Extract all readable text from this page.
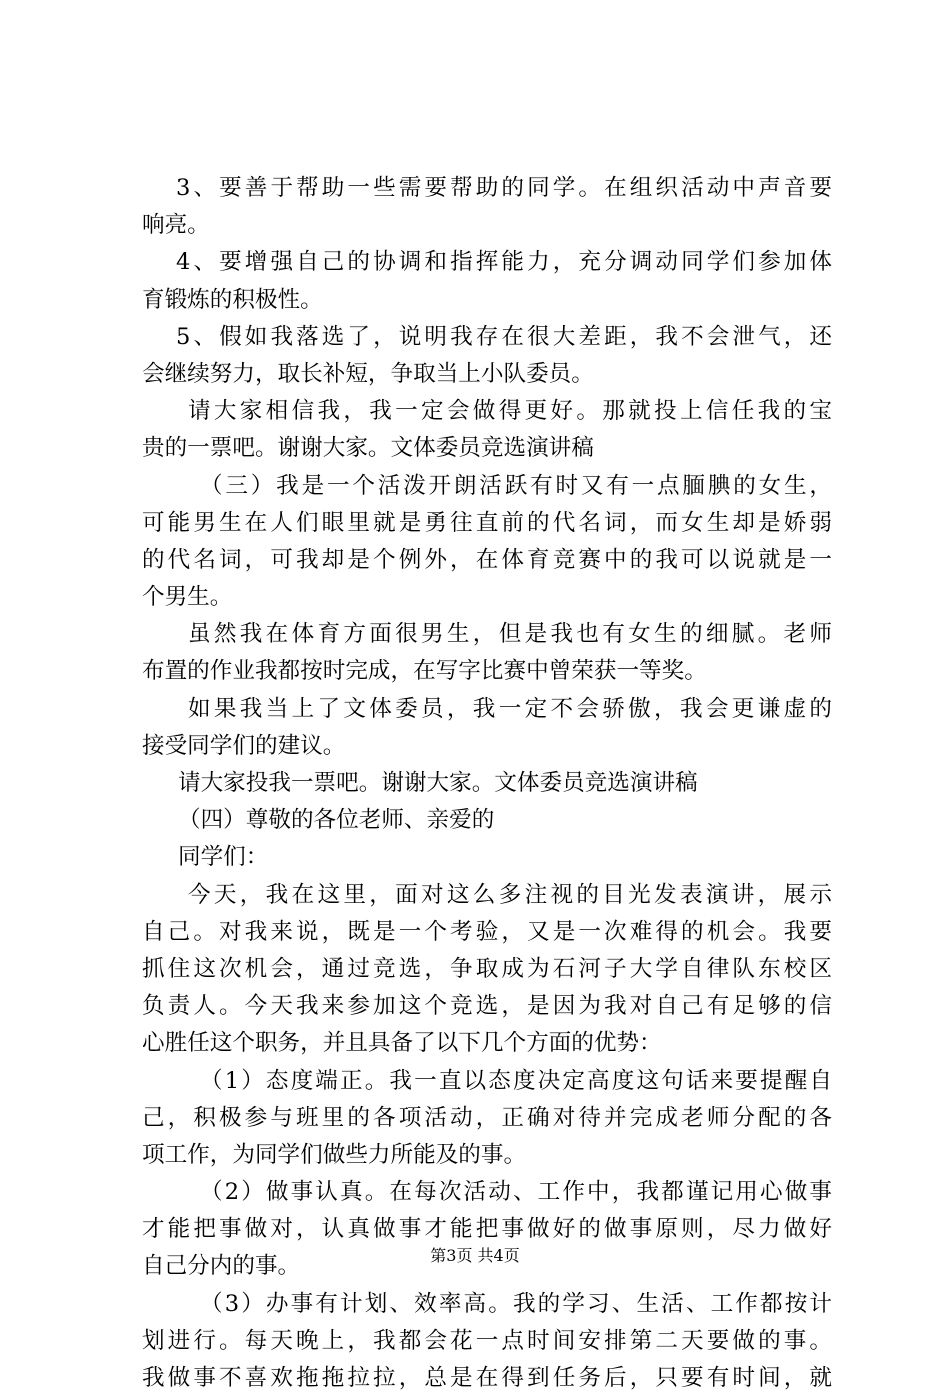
3、要善于帮助一些需要帮助的同学。在组织活动中声音要
响亮。
4、要增强自己的协调和指挥能力，充分调动同学们参加体
育锻炼的积极性。
5、假如我落选了，说明我存在很大差距，我不会泄气，还
会继续努力，取长补短，争取当上小队委员。
请大家相信我，我一定会做得更好。那就投上信任我的宝
贵的一票吧。谢谢大家。文体委员竞选演讲稿
（三）我是一个活泼开朗活跃有时又有一点腼腆的女生，
可能男生在人们眼里就是勇往直前的代名词，而女生却是娇弱
的代名词，可我却是个例外，在体育竞赛中的我可以说就是一
个男生。
虽然我在体育方面很男生，但是我也有女生的细腻。老师
布置的作业我都按时完成，在写字比赛中曾荣获一等奖。
如果我当上了文体委员，我一定不会骄傲，我会更谦虚的
接受同学们的建议。
请大家投我一票吧。谢谢大家。文体委员竞选演讲稿
（四）尊敬的各位老师、亲爱的
同学们：
今天，我在这里，面对这么多注视的目光发表演讲，展示
自己。对我来说，既是一个考验，又是一次难得的机会。我要
抓住这次机会，通过竞选，争取成为石河子大学自律队东校区
负责人。今天我来参加这个竞选，是因为我对自己有足够的信
心胜任这个职务，并且具备了以下几个方面的优势：
（1）态度端正。我一直以态度决定高度这句话来要提醒自
己，积极参与班里的各项活动，正确对待并完成老师分配的各
项工作，为同学们做些力所能及的事。
（2）做事认真。在每次活动、工作中，我都谨记用心做事
才能把事做对，认真做事才能把事做好的做事原则，尽力做好
自己分内的事。
（3）办事有计划、效率高。我的学习、生活、工作都按计
划进行。每天晚上，我都会花一点时间安排第二天要做的事。
我做事不喜欢拖拖拉拉，总是在得到任务后，只要有时间，就
第3页 共4页
